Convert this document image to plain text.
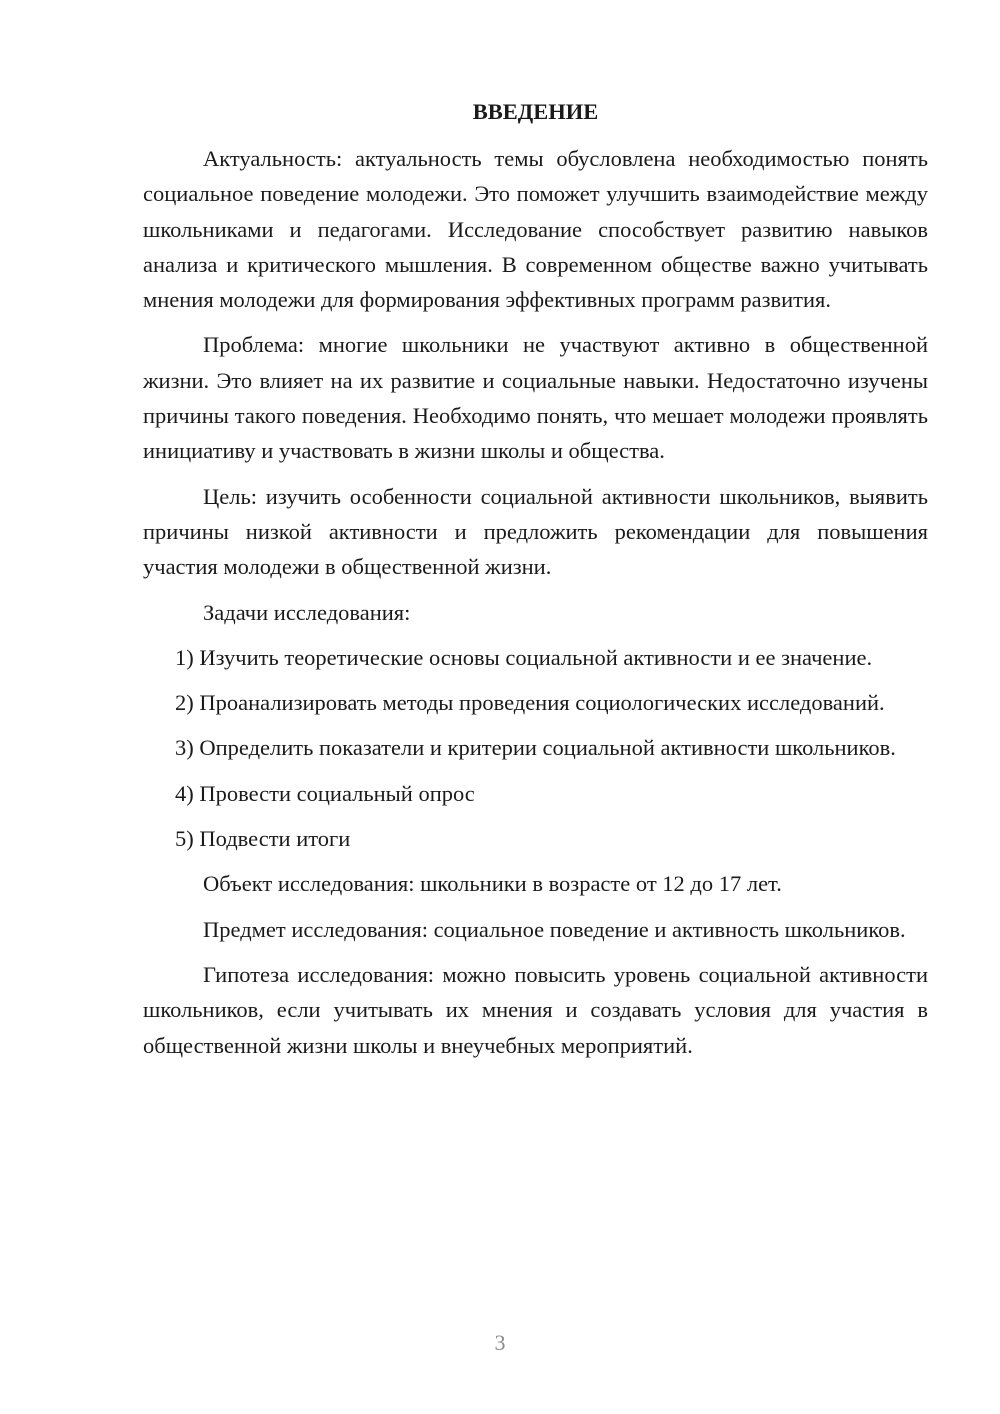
ВВЕДЕНИЕ

Актуальность: актуальность темы обусловлена необходимостью понять социальное поведение молодежи. Это поможет улучшить взаимодействие между школьниками и педагогами. Исследование способствует развитию навыков анализа и критического мышления. В современном обществе важно учитывать мнения молодежи для формирования эффективных программ развития.

Проблема: многие школьники не участвуют активно в общественной жизни. Это влияет на их развитие и социальные навыки. Недостаточно изучены причины такого поведения. Необходимо понять, что мешает молодежи проявлять инициативу и участвовать в жизни школы и общества.

Цель: изучить особенности социальной активности школьников, выявить причины низкой активности и предложить рекомендации для повышения участия молодежи в общественной жизни.

Задачи исследования:

1) Изучить теоретические основы социальной активности и ее значение.

2) Проанализировать методы проведения социологических исследований.

3) Определить показатели и критерии социальной активности школьников.

4) Провести социальный опрос

5) Подвести итоги

Объект исследования: школьники в возрасте от 12 до 17 лет.

Предмет исследования: социальное поведение и активность школьников.

Гипотеза исследования: можно повысить уровень социальной активности школьников, если учитывать их мнения и создавать условия для участия в общественной жизни школы и внеучебных мероприятий.

3
